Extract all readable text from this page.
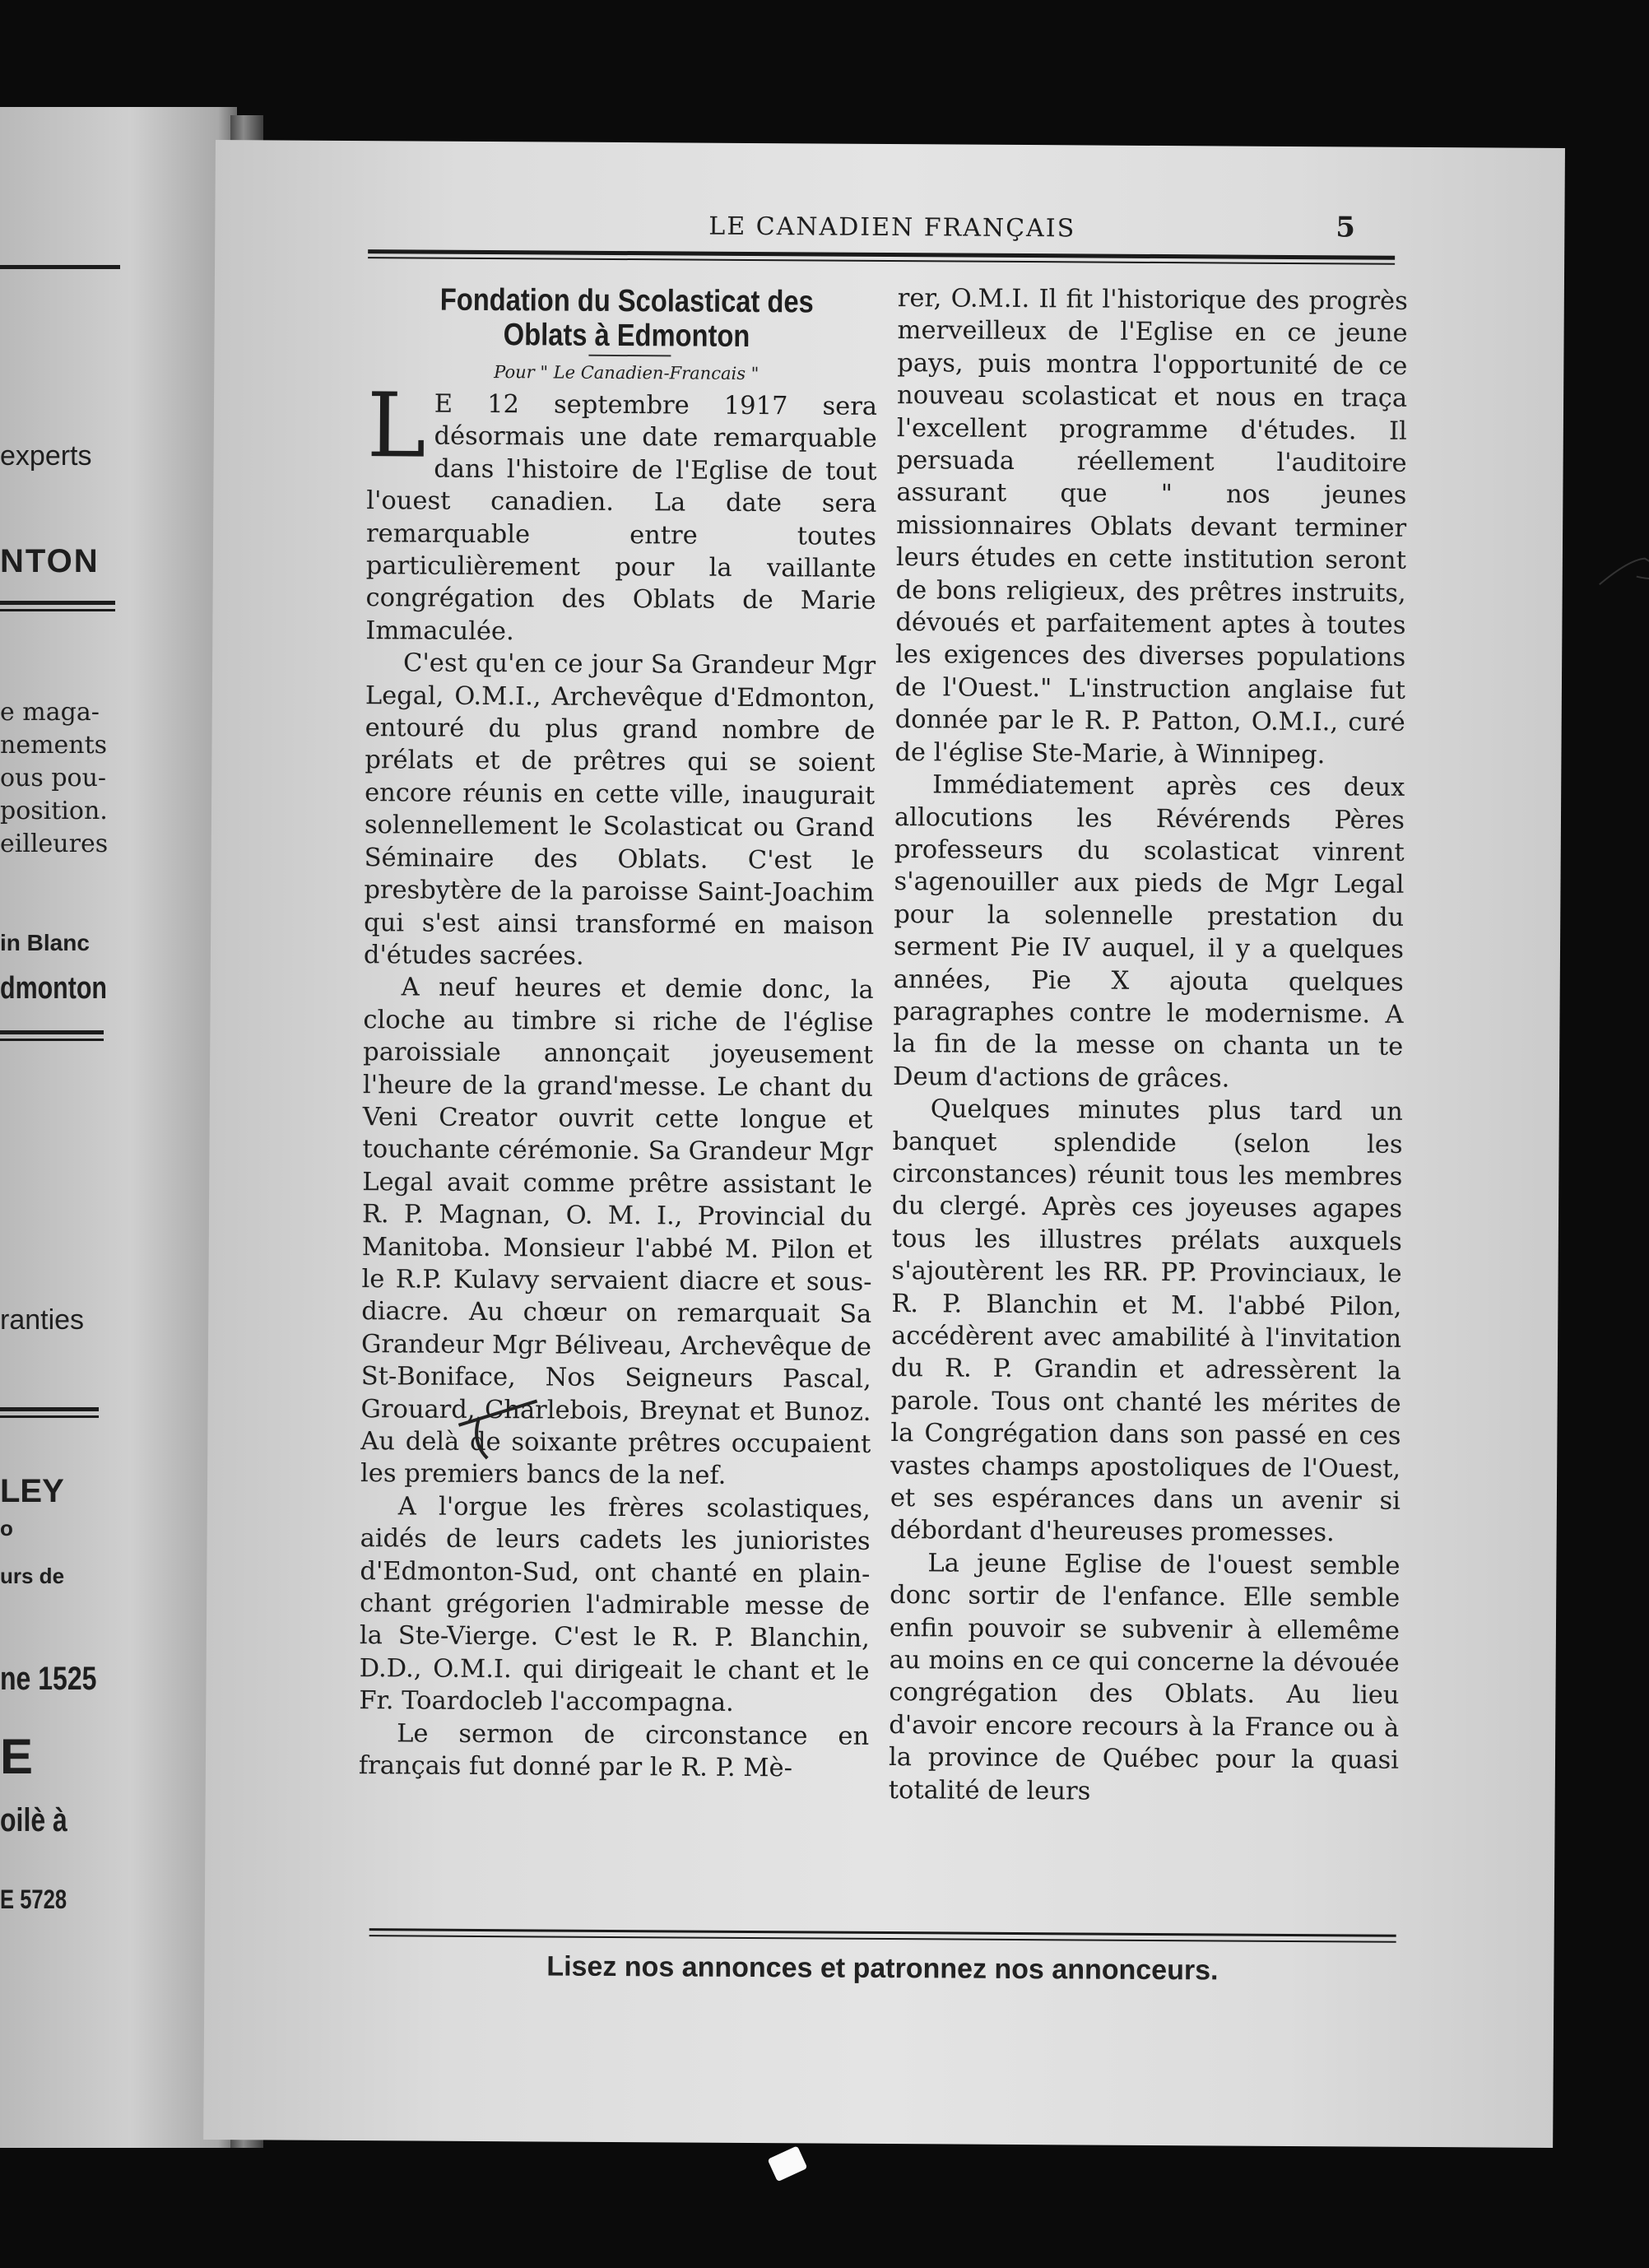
experts
NTON
e maga-
nements
ous pou-
position.
eilleures
in Blanc
dmonton
ranties
LEY
o
urs de
ne 1525
E
oilè à
E 5728
LE CANADIEN FRANÇAIS	5
Fondation du Scolasticat des Oblats à Edmonton
Pour " Le Canadien-Francais "

L E 12 septembre 1917 sera désormais une date remarquable dans l'histoire de l'Eglise de tout l'ouest canadien. La date sera remarquable entre toutes particulièrement pour la vaillante congrégation des Oblats de Marie Immaculée.

C'est qu'en ce jour Sa Grandeur Mgr Legal, O.M.I., Archevêque d'Edmonton, entouré du plus grand nombre de prélats et de prêtres qui se soient encore réunis en cette ville, inaugurait solennellement le Scolasticat ou Grand Séminaire des Oblats. C'est le presbytère de la paroisse Saint-Joachim qui s'est ainsi transformé en maison d'études sacrées.

A neuf heures et demie donc, la cloche au timbre si riche de l'église paroissiale annonçait joyeusement l'heure de la grand'messe. Le chant du Veni Creator ouvrit cette longue et touchante cérémonie. Sa Grandeur Mgr Legal avait comme prêtre assistant le R. P. Magnan, O. M. I., Provincial du Manitoba. Monsieur l'abbé M. Pilon et le R.P. Kulavy servaient diacre et sous-diacre. Au chœur on remarquait Sa Grandeur Mgr Béliveau, Archevêque de St-Boniface, Nos Seigneurs Pascal, Grouard, Charlebois, Breynat et Bunoz. Au delà de soixante prêtres occupaient les premiers bancs de la nef.

A l'orgue les frères scolastiques, aidés de leurs cadets les junioristes d'Edmonton-Sud, ont chanté en plain-chant grégorien l'admirable messe de la Ste-Vierge. C'est le R. P. Blanchin, D.D., O.M.I. qui dirigeait le chant et le Fr. Toardocleb l'accompagna.

Le sermon de circonstance en français fut donné par le R. P. Mè-

rer, O.M.I. Il fit l'historique des progrès merveilleux de l'Eglise en ce jeune pays, puis montra l'opportunité de ce nouveau scolasticat et nous en traça l'excellent programme d'études. Il persuada réellement l'auditoire assurant que " nos jeunes missionnaires Oblats devant terminer leurs études en cette institution seront de bons religieux, des prêtres instruits, dévoués et parfaitement aptes à toutes les exigences des diverses populations de l'Ouest." L'instruction anglaise fut donnée par le R. P. Patton, O.M.I., curé de l'église Ste-Marie, à Winnipeg.

Immédiatement après ces deux allocutions les Révérends Pères professeurs du scolasticat vinrent s'agenouiller aux pieds de Mgr Legal pour la solennelle prestation du serment Pie IV auquel, il y a quelques années, Pie X ajouta quelques paragraphes contre le modernisme. A la fin de la messe on chanta un te Deum d'actions de grâces.

Quelques minutes plus tard un banquet splendide (selon les circonstances) réunit tous les membres du clergé. Après ces joyeuses agapes tous les illustres prélats auxquels s'ajoutèrent les RR. PP. Provinciaux, le R. P. Blanchin et M. l'abbé Pilon, accédèrent avec amabilité à l'invitation du R. P. Grandin et adressèrent la parole. Tous ont chanté les mérites de la Congrégation dans son passé en ces vastes champs apostoliques de l'Ouest, et ses espérances dans un avenir si débordant d'heureuses promesses.

La jeune Eglise de l'ouest semble donc sortir de l'enfance. Elle semble enfin pouvoir se subvenir à ellemême au moins en ce qui concerne la dévouée congrégation des Oblats. Au lieu d'avoir encore recours à la France ou à la province de Québec pour la quasi totalité de leurs

Lisez nos annonces et patronnez nos annonceurs.
